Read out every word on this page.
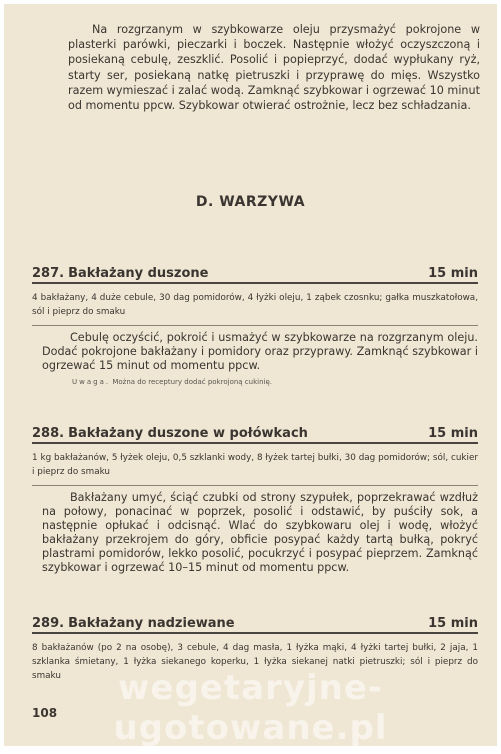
Na rozgrzanym w szybkowarze oleju przysmażyć pokrojone w plasterki parówki, pieczarki i boczek. Następnie włożyć oczyszczoną i posiekaną cebulę, zeszklić. Posolić i popieprzyć, dodać wypłukany ryż, starty ser, posiekaną natkę pietruszki i przyprawę do mięs. Wszystko razem wymieszać i zalać wodą. Zamknąć szybkowar i ogrzewać 10 minut od momentu ppcw. Szybkowar otwierać ostrożnie, lecz bez schładzania.

D. WARZYWA
287. Bakłażany duszone	15 min

4 bakłażany, 4 duże cebule, 30 dag pomidorów, 4 łyżki oleju, 1 ząbek czosnku; gałka muszkatołowa, sól i pieprz do smaku

Cebulę oczyścić, pokroić i usmażyć w szybkowarze na rozgrzanym oleju. Dodać pokrojone bakłażany i pomidory oraz przyprawy. Zamknąć szybkowar i ogrzewać 15 minut od momentu ppcw.

Uwaga. Można do receptury dodać pokrojoną cukinię.

288. Bakłażany duszone w połówkach	15 min

1 kg bakłażanów, 5 łyżek oleju, 0,5 szklanki wody, 8 łyżek tartej bułki, 30 dag pomidorów; sól, cukier i pieprz do smaku

Bakłażany umyć, ściąć czubki od strony szypułek, poprzekrawać wzdłuż na połowy, ponacinać w poprzek, posolić i odstawić, by puściły sok, a następnie opłukać i odcisnąć. Wlać do szybkowaru olej i wodę, włożyć bakłażany przekrojem do góry, obficie posypać każdy tartą bułką, pokryć plastrami pomidorów, lekko posolić, pocukrzyć i posypać pieprzem. Zamknąć szybkowar i ogrzewać 10–15 minut od momentu ppcw.

289. Bakłażany nadziewane	15 min

8 bakłażanów (po 2 na osobę), 3 cebule, 4 dag masła, 1 łyżka mąki, 4 łyżki tartej bułki, 2 jaja, 1 szklanka śmietany, 1 łyżka siekanego koperku, 1 łyżka siekanej natki pietruszki; sól i pieprz do smaku	wegetaryjne-ugotowane.pl
108
